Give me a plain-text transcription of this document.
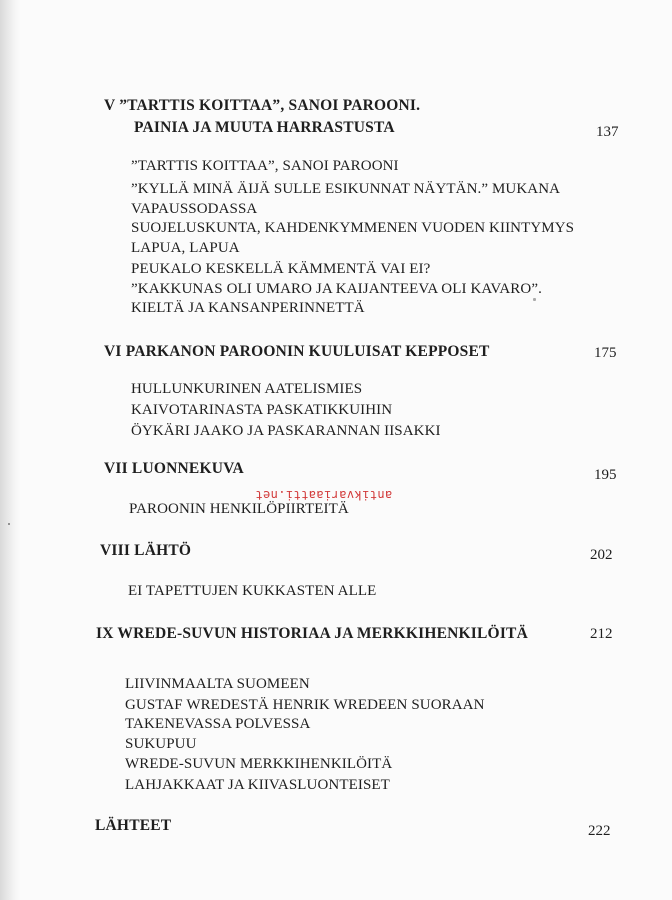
V ”TARTTIS KOITTAA”, SANOI PAROONI.
PAINIA JA MUUTA HARRASTUSTA	137
”TARTTIS KOITTAA”, SANOI PAROONI
”KYLLÄ MINÄ ÄIJÄ SULLE ESIKUNNAT NÄYTÄN.” MUKANA
VAPAUSSODASSA
SUOJELUSKUNTA, KAHDENKYMMENEN VUODEN KIINTYMYS
LAPUA, LAPUA
PEUKALO KESKELLÄ KÄMMENTÄ VAI EI?
”KAKKUNAS OLI UMARO JA KAIJANTEEVA OLI KAVARO”.
KIELTÄ JA KANSANPERINNETTÄ
VI PARKANON PAROONIN KUULUISAT KEPPOSET	175
HULLUNKURINEN AATELISMIES
KAIVOTARINASTA PASKATIKKUIHIN
ÖYKÄRI JAAKO JA PASKARANNAN IISAKKI
VII LUONNEKUVA	195
PAROONIN HENKILÖPIIRTEITÄ
VIII LÄHTÖ	202
EI TAPETTUJEN KUKKASTEN ALLE
IX WREDE-SUVUN HISTORIAA JA MERKKIHENKILÖITÄ	212
LIIVINMAALTA SUOMEEN
GUSTAF WREDESTÄ HENRIK WREDEEN SUORAAN
TAKENEVASSA POLVESSA
SUKUPUU
WREDE-SUVUN MERKKIHENKILÖITÄ
LAHJAKKAAT JA KIIVASLUONTEISET
LÄHTEET	222
antikvariaatti.net
